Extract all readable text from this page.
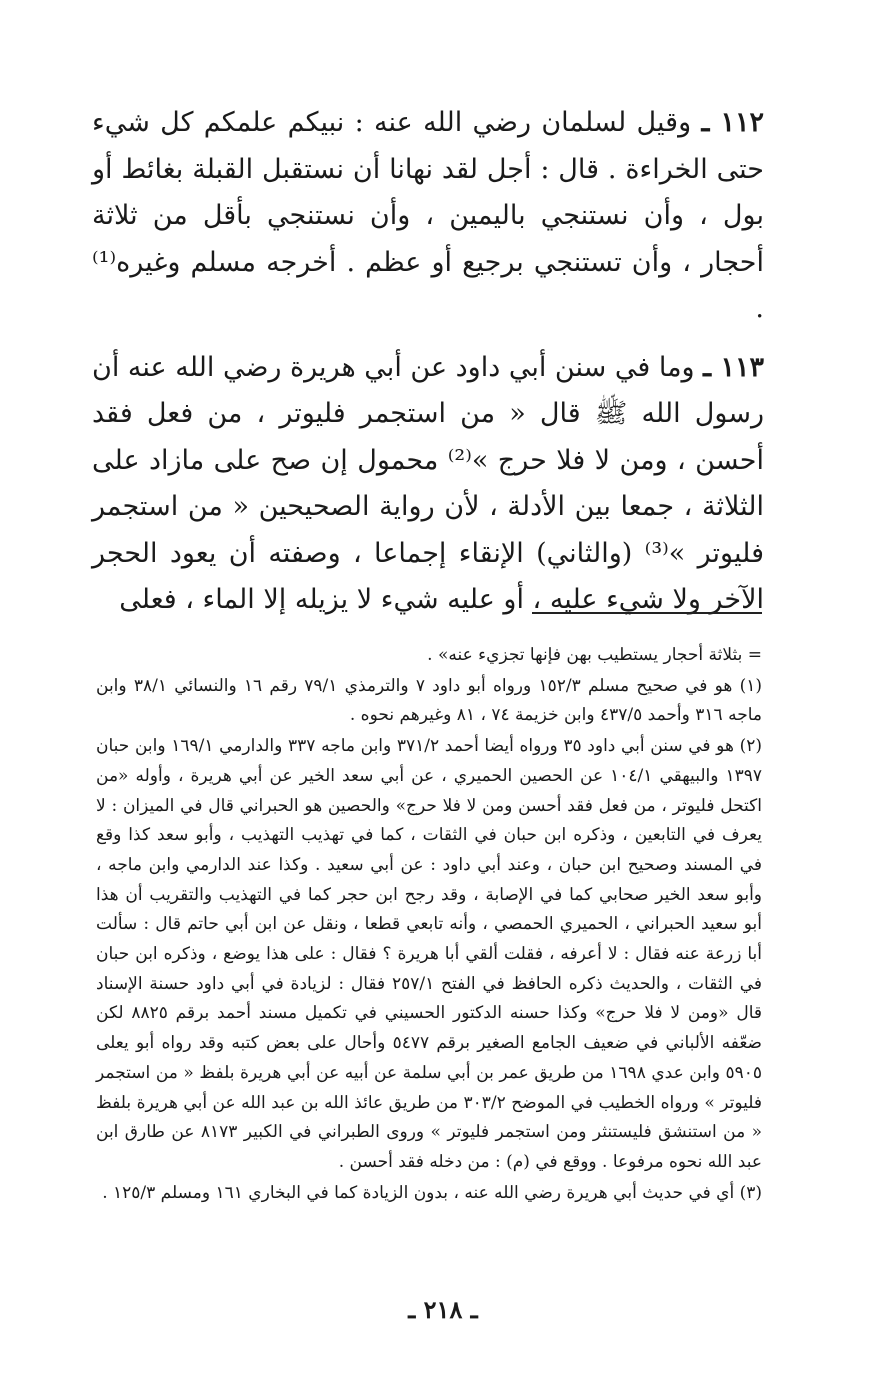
١١٢ ـ وقيل لسلمان رضي الله عنه : نبيكم علمكم كل شيء حتى الخراءة . قال : أجل لقد نهانا أن نستقبل القبلة بغائط أو بول ، وأن نستنجي باليمين ، وأن نستنجي بأقل من ثلاثة أحجار ، وأن تستنجي برجيع أو عظم . أخرجه مسلم وغيره⁽¹⁾ .

١١٣ ـ وما في سنن أبي داود عن أبي هريرة رضي الله عنه أن رسول الله ﷺ قال « من استجمر فليوتر ، من فعل فقد أحسن ، ومن لا فلا حرج »⁽²⁾ محمول إن صح على مازاد على الثلاثة ، جمعا بين الأدلة ، لأن رواية الصحيحين « من استجمر فليوتر »⁽³⁾ (والثاني) الإنقاء إجماعا ، وصفته أن يعود الحجر الآخر ولا شيء عليه ، أو عليه شيء لا يزيله إلا الماء ، فعلى

= بثلاثة أحجار يستطيب بهن فإنها تجزيء عنه» .

(١) هو في صحيح مسلم ١٥٢/٣ ورواه أبو داود ٧ والترمذي ٧٩/١ رقم ١٦ والنسائي ٣٨/١ وابن ماجه ٣١٦ وأحمد ٤٣٧/٥ وابن خزيمة ٧٤ ، ٨١ وغيرهم نحوه .

(٢) هو في سنن أبي داود ٣٥ ورواه أيضا أحمد ٣٧١/٢ وابن ماجه ٣٣٧ والدارمي ١٦٩/١ وابن حبان ١٣٩٧ والبيهقي ١٠٤/١ عن الحصين الحميري ، عن أبي سعد الخير عن أبي هريرة ، وأوله «من اكتحل فليوتر ، من فعل فقد أحسن ومن لا فلا حرج» والحصين هو الحبراني قال في الميزان : لا يعرف في التابعين ، وذكره ابن حبان في الثقات ، كما في تهذيب التهذيب ، وأبو سعد كذا وقع في المسند وصحيح ابن حبان ، وعند أبي داود : عن أبي سعيد . وكذا عند الدارمي وابن ماجه ، وأبو سعد الخير صحابي كما في الإصابة ، وقد رجح ابن حجر كما في التهذيب والتقريب أن هذا أبو سعيد الحبراني ، الحميري الحمصي ، وأنه تابعي قطعا ، ونقل عن ابن أبي حاتم قال : سألت أبا زرعة عنه فقال : لا أعرفه ، فقلت ألقي أبا هريرة ؟ فقال : على هذا يوضع ، وذكره ابن حبان في الثقات ، والحديث ذكره الحافظ في الفتح ٢٥٧/١ فقال : لزيادة في أبي داود حسنة الإسناد قال «ومن لا فلا حرج» وكذا حسنه الدكتور الحسيني في تكميل مسند أحمد برقم ٨٨٢٥ لكن ضعّفه الألباني في ضعيف الجامع الصغير برقم ٥٤٧٧ وأحال على بعض كتبه وقد رواه أبو يعلى ٥٩٠٥ وابن عدي ١٦٩٨ من طريق عمر بن أبي سلمة عن أبيه عن أبي هريرة بلفظ « من استجمر فليوتر » ورواه الخطيب في الموضح ٣٠٣/٢ من طريق عائذ الله بن عبد الله عن أبي هريرة بلفظ « من استنشق فليستنثر ومن استجمر فليوتر » وروى الطبراني في الكبير ٨١٧٣ عن طارق ابن عبد الله نحوه مرفوعا . ووقع في (م) : من دخله فقد أحسن .

(٣) أي في حديث أبي هريرة رضي الله عنه ، بدون الزيادة كما في البخاري ١٦١ ومسلم ١٢٥/٣ .

ـ ٢١٨ ـ
